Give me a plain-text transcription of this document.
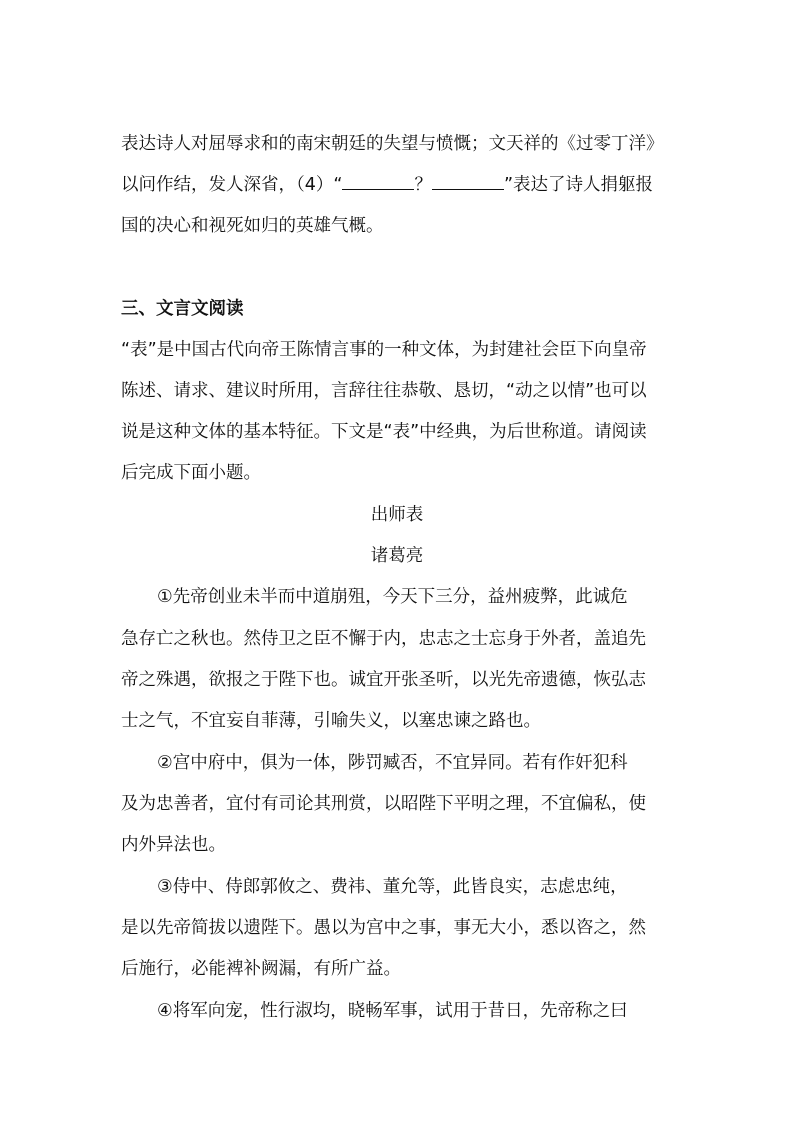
表达诗人对屈辱求和的南宋朝廷的失望与愤慨；文天祥的《过零丁洋》

以问作结，发人深省，（4）“	？	”表达了诗人捐躯报

国的决心和视死如归的英雄气概。

三、文言文阅读

“表”是中国古代向帝王陈情言事的一种文体，为封建社会臣下向皇帝

陈述、请求、建议时所用，言辞往往恭敬、恳切，“动之以情”也可以

说是这种文体的基本特征。下文是“表”中经典，为后世称道。请阅读

后完成下面小题。

出师表

诸葛亮

①先帝创业未半而中道崩殂，今天下三分，益州疲弊，此诚危

急存亡之秋也。然侍卫之臣不懈于内，忠志之士忘身于外者，盖追先

帝之殊遇，欲报之于陛下也。诚宜开张圣听，以光先帝遗德，恢弘志

士之气，不宜妄自菲薄，引喻失义，以塞忠谏之路也。

②宫中府中，俱为一体，陟罚臧否，不宜异同。若有作奸犯科

及为忠善者，宜付有司论其刑赏，以昭陛下平明之理，不宜偏私，使

内外异法也。

③侍中、侍郎郭攸之、费祎、董允等，此皆良实，志虑忠纯，

是以先帝简拔以遗陛下。愚以为宫中之事，事无大小，悉以咨之，然

后施行，必能裨补阙漏，有所广益。

④将军向宠，性行淑均，晓畅军事，试用于昔日，先帝称之曰
